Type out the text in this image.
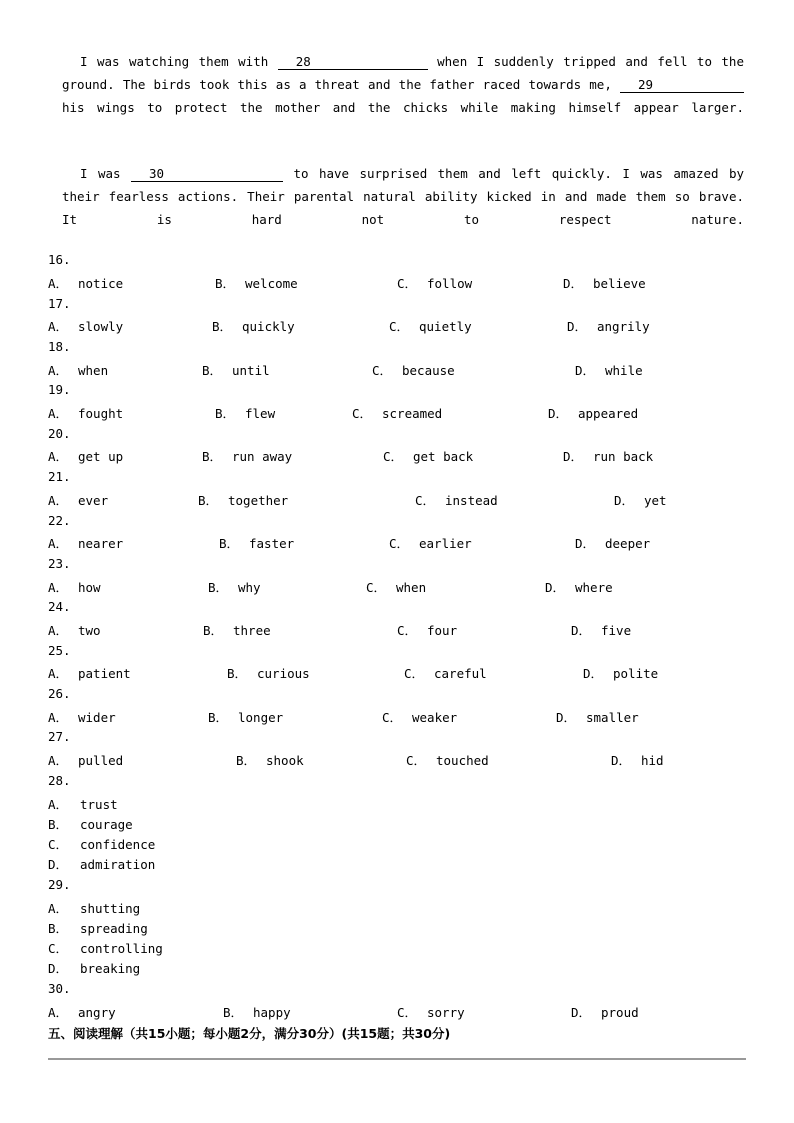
I was watching them with 28	when I suddenly tripped and fell to the ground. The birds took this as a threat and the father raced towards me, 29 his wings to protect the mother and the chicks while making himself appear larger.

I was 30	to have surprised them and left quickly. I was amazed by their fearless actions. Their parental natural ability kicked in and made them so brave. It is hard not to respect nature.

16.
A． notice	B． welcome	C． follow	D． believe
17.
A． slowly	B． quickly	C． quietly	D． angrily
18.
A． when	B． until	C． because	D． while
19.
A． fought	B． flew	C． screamed	D． appeared
20.
A． get up	B． run away	C． get back	D． run back
21.
A． ever	B． together	C． instead	D． yet
22.
A． nearer	B． faster	C． earlier	D． deeper
23.
A． how	B． why	C． when	D． where
24.
A． two	B． three	C． four	D． five
25.
A． patient	B． curious	C． careful	D． polite
26.
A． wider	B． longer	C． weaker	D． smaller
27.
A． pulled	B． shook	C． touched	D． hid
28.
A． trust
B． courage
C． confidence
D． admiration
29.
A． shutting
B． spreading
C． controlling
D． breaking
30.
A． angry	B． happy	C． sorry	D． proud
五、阅读理解（共15小题；每小题2分，满分30分）(共15题；共30分)
